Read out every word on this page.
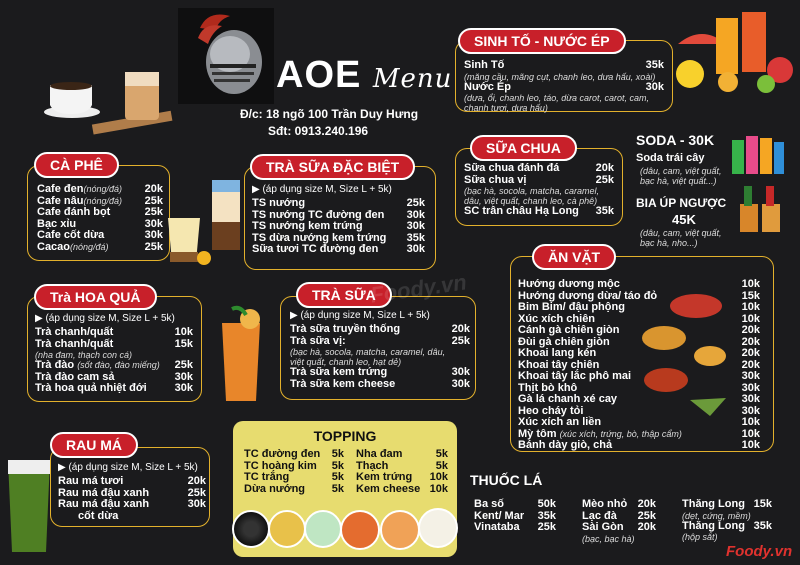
AOE Menu
Đ/c: 18 ngõ 100 Trần Duy Hưng
Sđt: 0913.240.196
CÀ PHÊ
Cafe đen(nóng/đá) 20k
Cafe nâu(nóng/đá) 25k
Cafe đánh bọt	25k
Bạc xỉu	30k
Cafe cốt dừa	30k
Cacao(nóng/đá)	25k
TRÀ SỮA ĐẶC BIỆT
▶ (áp dụng size M, Size L + 5k)
TS nướng	25k
TS nướng TC đường đen 30k
TS nướng kem trứng	30k
TS dừa nướng kem trứng 35k
Sữa tươi TC đường đen	30k
Trà HOA QUẢ
▶ (áp dụng size M, Size L + 5k)
Trà chanh/quất	10k
Trà chanh/quất	15k
(nha đam, thạch con cá)
Trà đào (sốt đào, đào miếng) 25k
Trà đào cam sả	30k
Trà hoa quả nhiệt đới	30k
TRÀ SỮA
▶ (áp dụng size M, Size L + 5k)
Trà sữa truyền thống	20k
Trà sữa vị:	25k
(bạc hà, socola, matcha, caramel, dâu, việt quất, chanh leo, hạt dẻ)
Trà sữa kem trứng	30k
Trà sữa kem cheese	30k
RAU MÁ
▶ (áp dụng size M, Size L + 5k)
Rau má tươi	20k
Rau má đậu xanh	25k
Rau má đậu xanh	30k
cốt dừa
TOPPING
TC đường đen 5k
TC hoàng kim 5k
TC trắng	5k
Dừa nướng 5k
Nha đam	5k
Thạch	5k
Kem trứng 10k
Kem cheese 10k
SINH TỐ - NƯỚC ÉP
Sinh Tố	35k
(măng cầu, mãng cụt, chanh leo, dưa hấu, xoài)
Nước Ép	30k
(dưa, ổi, chanh leo, táo, dừa carot, carot, cam, chanh tươi, dưa hấu)
SỮA CHUA
Sữa chua đánh đá	20k
Sữa chua vị	25k
(bạc hà, socola, matcha, caramel, dâu, việt quất, chanh leo, cà phê)
SC trân châu Hạ Long 35k
SODA - 30K
Soda trái cây
(dâu, cam, việt quất, bạc hà, việt quất...)
BIA ÚP NGƯỢC
45K
(dâu, cam, việt quất, bạc hà, nho...)
ĂN VẶT
Hướng dương mộc	10k
Hướng dương dừa/ táo đỏ	15k
Bim Bim/ đậu phộng	10k
Xúc xích chiên	10k
Cánh gà chiên giòn	20k
Đùi gà chiên giòn	20k
Khoai lang kén	20k
Khoai tây chiên	20k
Khoai tây lắc phô mai	30k
Thịt bò khô	30k
Gà lá chanh xé cay	30k
Heo cháy tỏi	30k
Xúc xích an liền	10k
Mỳ tôm (xúc xích, trứng, bò, thập cẩm)	10k
Bánh dày giò, chả	10k
THUỐC LÁ
Ba số	50k
Kent/ Mar 35k
Vinataba 25k
Mèo nhỏ 20k
Lạc đà 25k
Sài Gòn 20k
(bạc, bạc hà)
Thăng Long 15k
(dẹt, cứng, mềm)
Thăng Long 35k
(hộp sắt)
Foody.vn
Foody.vn
